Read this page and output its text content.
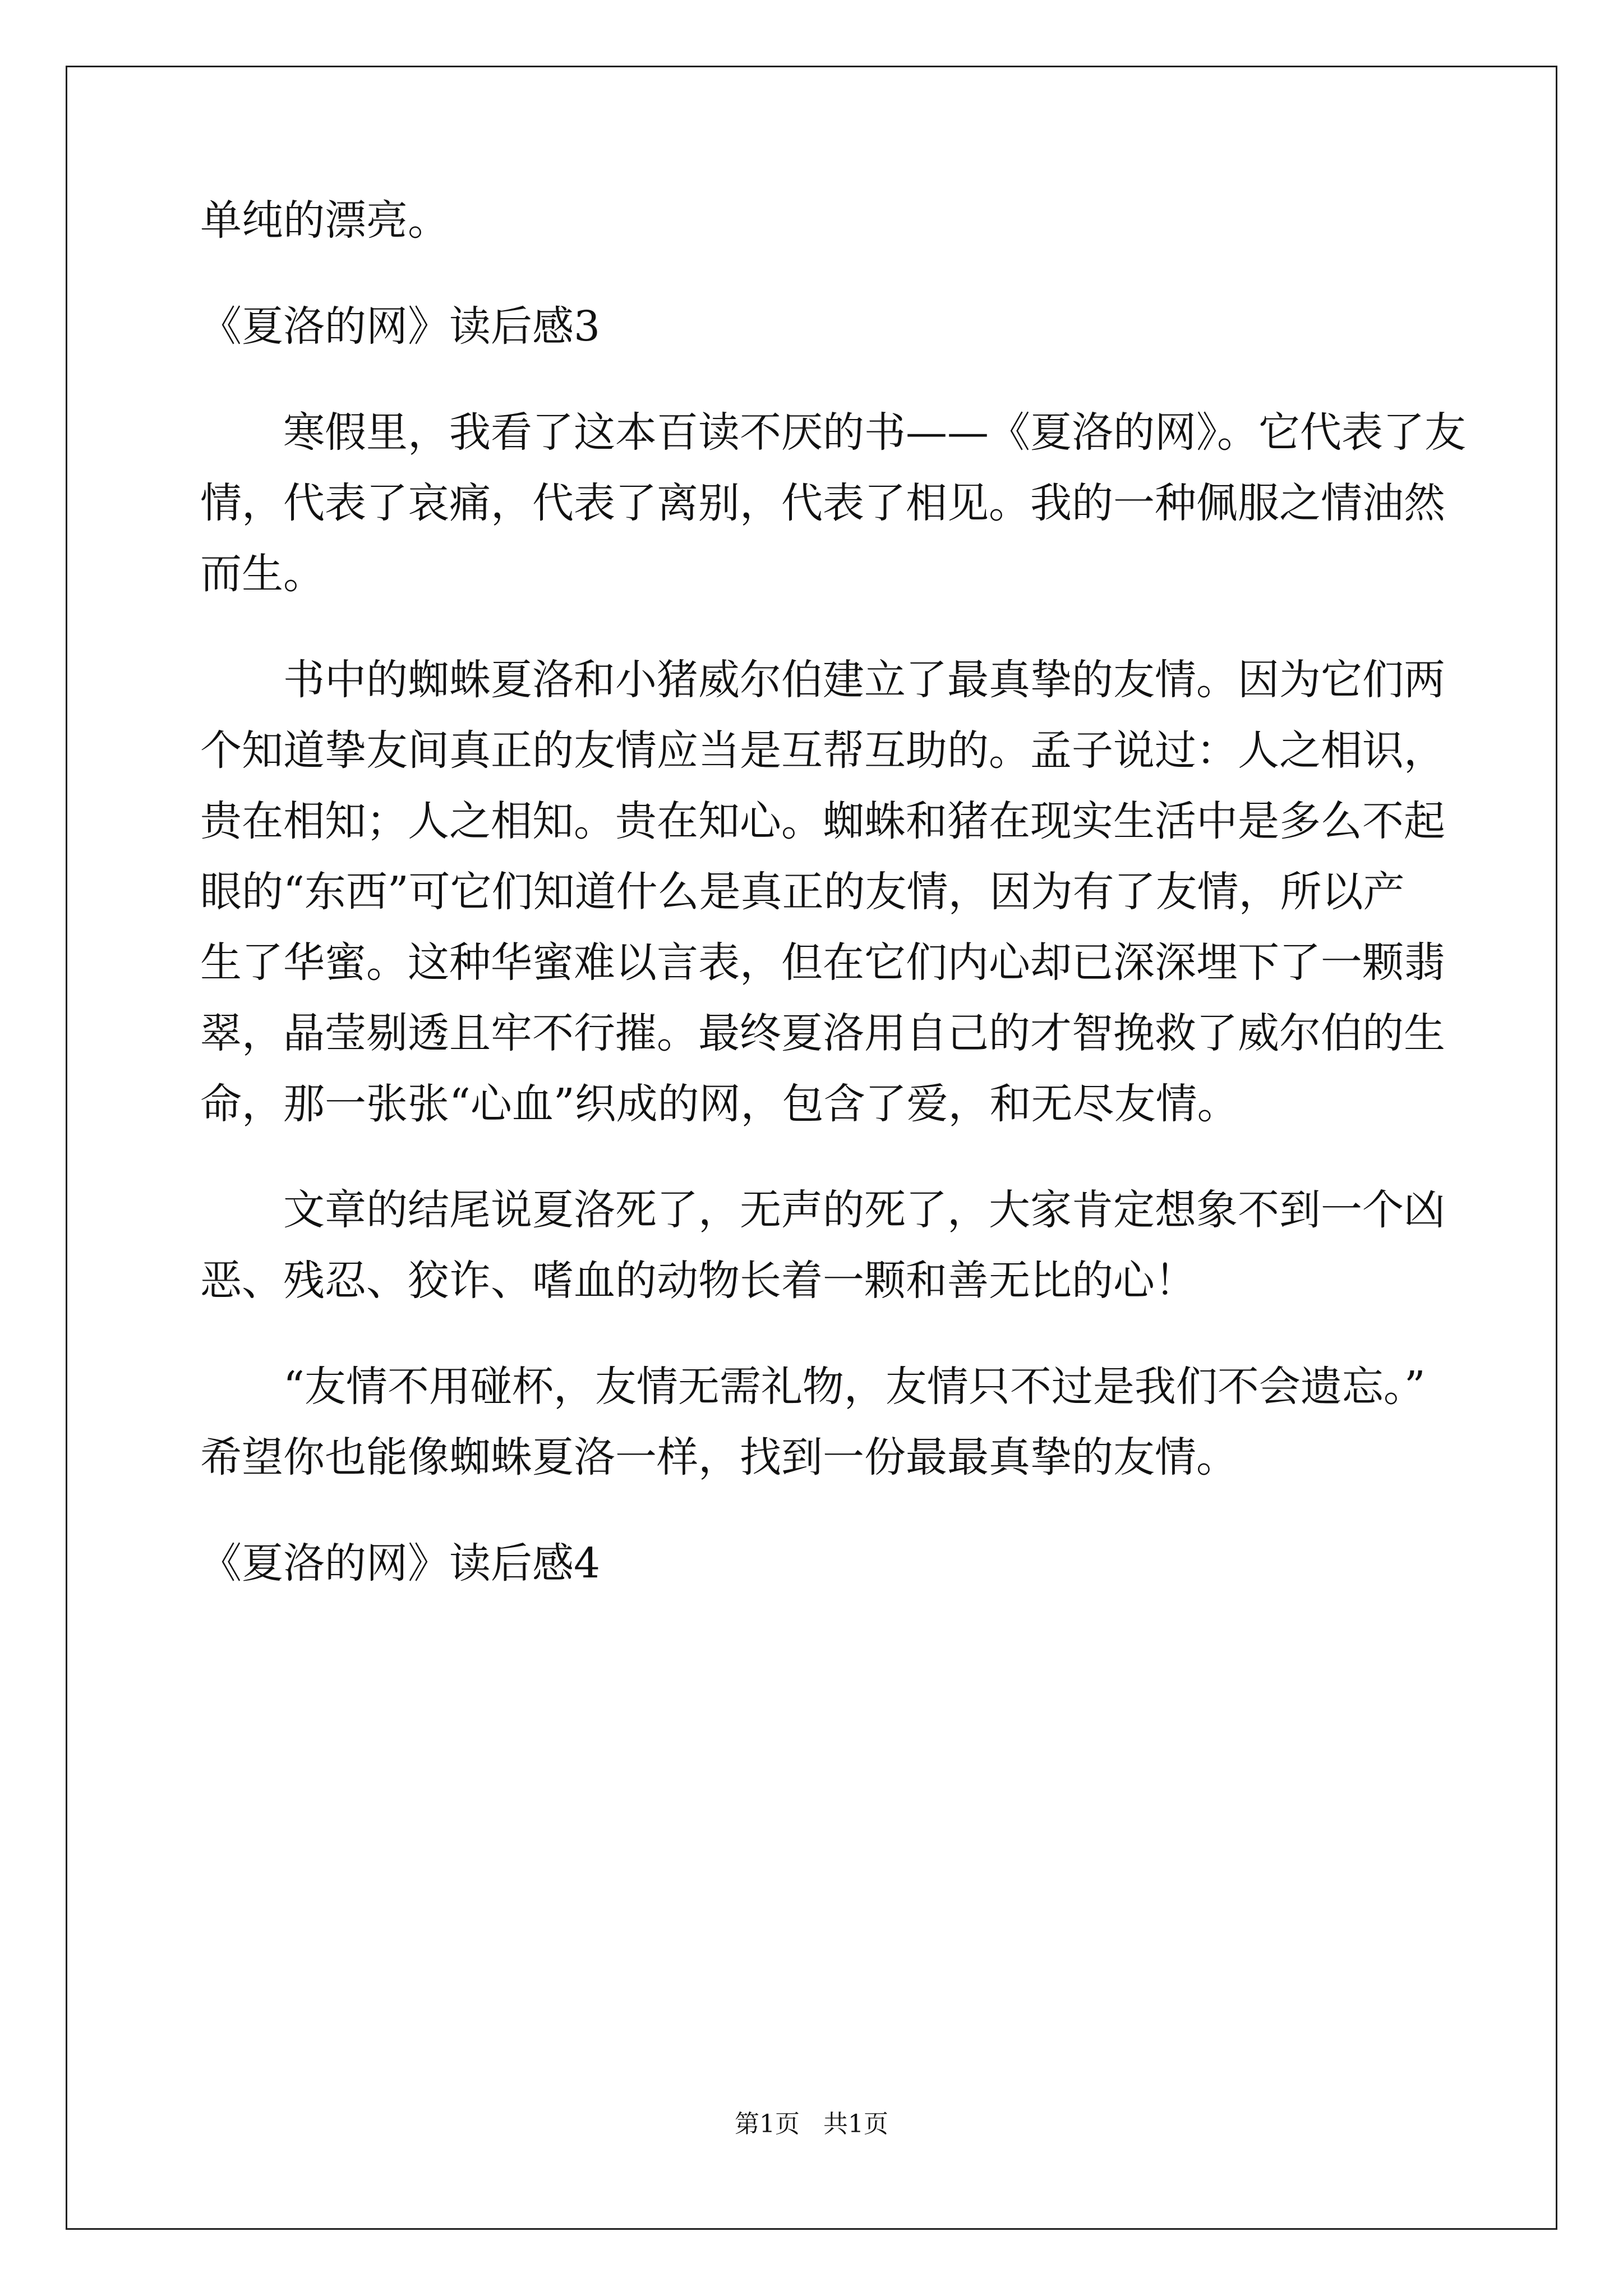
单纯的漂亮。

《夏洛的网》读后感3

寒假里，我看了这本百读不厌的书——《夏洛的网》。它代表了友

情，代表了哀痛，代表了离别，代表了相见。我的一种佩服之情油然

而生。

书中的蜘蛛夏洛和小猪威尔伯建立了最真挚的友情。因为它们两

个知道挚友间真正的友情应当是互帮互助的。孟子说过：人之相识，

贵在相知；人之相知。贵在知心。蜘蛛和猪在现实生活中是多么不起

眼的“东西”可它们知道什么是真正的友情，因为有了友情，所以产

生了华蜜。这种华蜜难以言表，但在它们内心却已深深埋下了一颗翡

翠，晶莹剔透且牢不行摧。最终夏洛用自己的才智挽救了威尔伯的生

命，那一张张“心血”织成的网，包含了爱，和无尽友情。

文章的结尾说夏洛死了，无声的死了，大家肯定想象不到一个凶

恶、残忍、狡诈、嗜血的动物长着一颗和善无比的心！

“友情不用碰杯，友情无需礼物，友情只不过是我们不会遗忘。”

希望你也能像蜘蛛夏洛一样，找到一份最最真挚的友情。

《夏洛的网》读后感4

第1页   共1页
